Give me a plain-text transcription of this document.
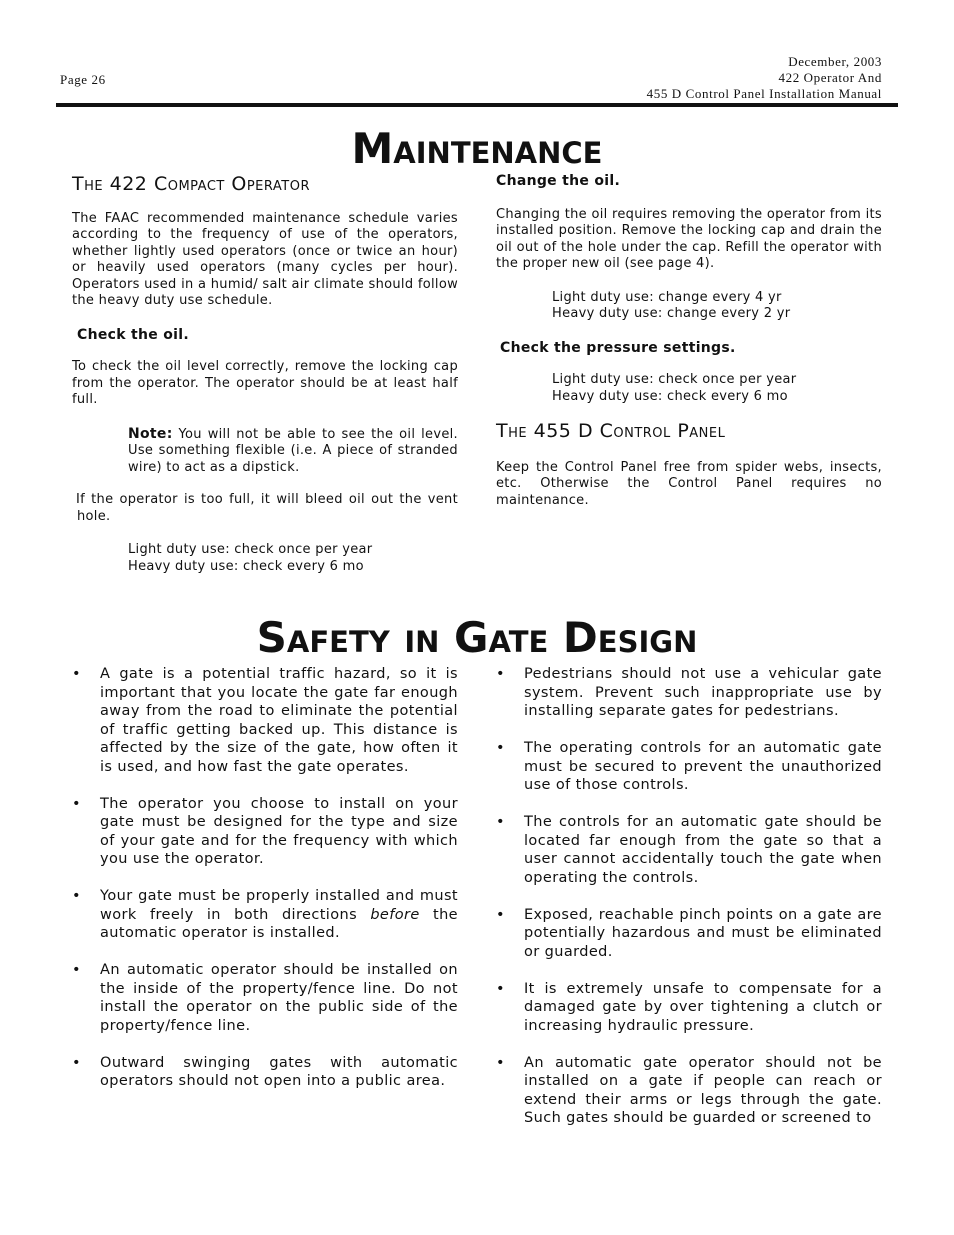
Page 26
December, 2003
422 Operator And
455 D Control Panel Installation Manual
Maintenance
The 422 Compact Operator

The FAAC recommended maintenance schedule varies according to the frequency of use of the operators, whether lightly used operators (once or twice an hour) or heavily used operators (many cycles per hour). Operators used in a humid/ salt air climate should follow the heavy duty use schedule.

Check the oil.

To check the oil level correctly, remove the locking cap from the operator. The operator should be at least half full.

Note: You will not be able to see the oil level. Use something flexible (i.e. A piece of stranded wire) to act as a dipstick.

If the operator is too full, it will bleed oil out the vent hole.

Light duty use: check once per year

Heavy duty use: check every 6 mo

Change the oil.

Changing the oil requires removing the operator from its installed position. Remove the locking cap and drain the oil out of the hole under the cap. Refill the operator with the proper new oil (see page 4).

Light duty use: change every 4 yr

Heavy duty use: change every 2 yr

Check the pressure settings.

Light duty use: check once per year

Heavy duty use: check every 6 mo

The 455 D Control Panel

Keep the Control Panel free from spider webs, insects, etc. Otherwise the Control Panel requires no maintenance.

Safety in Gate Design
• A gate is a potential traffic hazard, so it is important that you locate the gate far enough away from the road to eliminate the potential of traffic getting backed up. This distance is affected by the size of the gate, how often it is used, and how fast the gate operates.
• The operator you choose to install on your gate must be designed for the type and size of your gate and for the frequency with which you use the operator.
• Your gate must be properly installed and must work freely in both directions before the automatic operator is installed.
• An automatic operator should be installed on the inside of the property/fence line. Do not install the operator on the public side of the property/fence line.
• Outward swinging gates with automatic operators should not open into a public area.
• Pedestrians should not use a vehicular gate system. Prevent such inappropriate use by installing separate gates for pedestrians.
• The operating controls for an automatic gate must be secured to prevent the unauthorized use of those controls.
• The controls for an automatic gate should be located far enough from the gate so that a user cannot accidentally touch the gate when operating the controls.
• Exposed, reachable pinch points on a gate are potentially hazardous and must be eliminated or guarded.
• It is extremely unsafe to compensate for a damaged gate by over tightening a clutch or increasing hydraulic pressure.
• An automatic gate operator should not be installed on a gate if people can reach or extend their arms or legs through the gate. Such gates should be guarded or screened to
